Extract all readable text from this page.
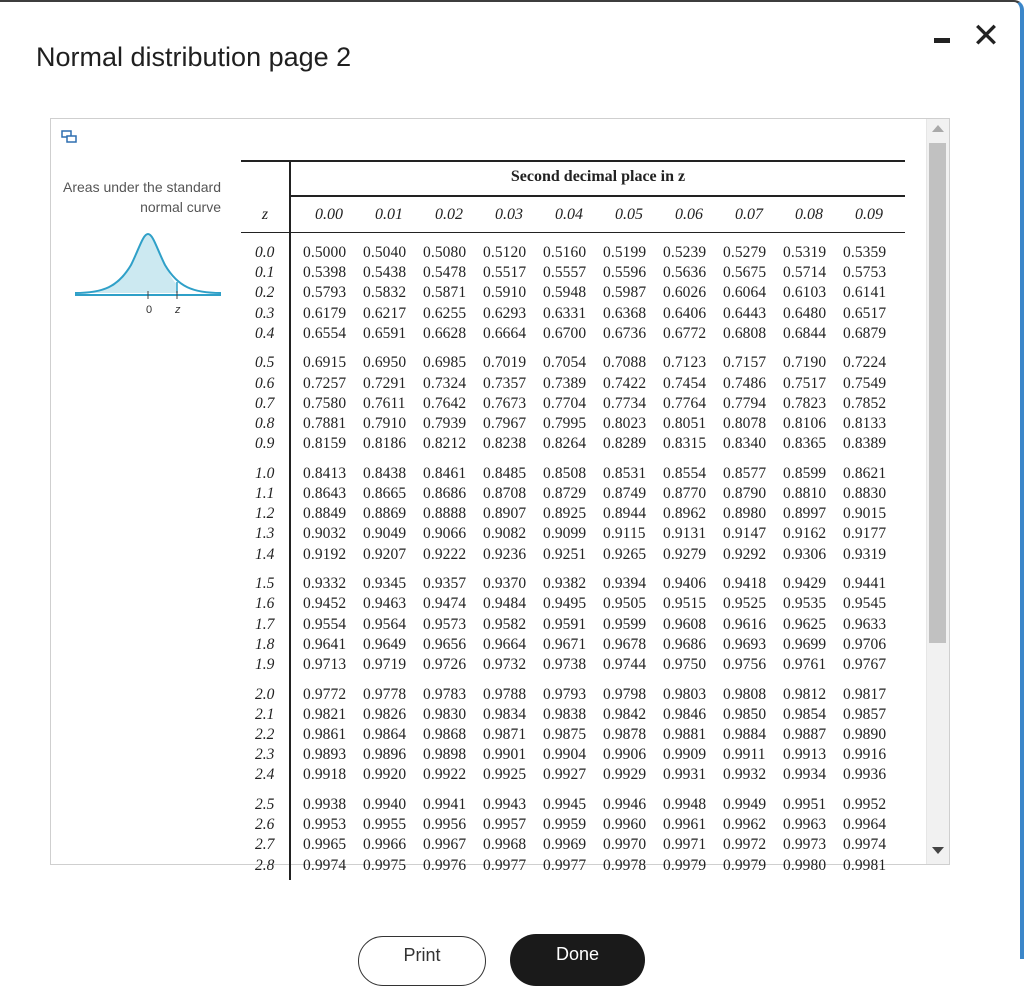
Normal distribution page 2
✕
Areas under the standard normal curve
0 z
Second decimal place in z
z	0.00	0.01	0.02	0.03	0.04	0.05	0.06	0.07	0.08	0.09
0.0	0.5000	0.5040	0.5080	0.5120	0.5160	0.5199	0.5239	0.5279	0.5319	0.5359
0.1	0.5398	0.5438	0.5478	0.5517	0.5557	0.5596	0.5636	0.5675	0.5714	0.5753
0.2	0.5793	0.5832	0.5871	0.5910	0.5948	0.5987	0.6026	0.6064	0.6103	0.6141
0.3	0.6179	0.6217	0.6255	0.6293	0.6331	0.6368	0.6406	0.6443	0.6480	0.6517
0.4	0.6554	0.6591	0.6628	0.6664	0.6700	0.6736	0.6772	0.6808	0.6844	0.6879
0.5	0.6915	0.6950	0.6985	0.7019	0.7054	0.7088	0.7123	0.7157	0.7190	0.7224
0.6	0.7257	0.7291	0.7324	0.7357	0.7389	0.7422	0.7454	0.7486	0.7517	0.7549
0.7	0.7580	0.7611	0.7642	0.7673	0.7704	0.7734	0.7764	0.7794	0.7823	0.7852
0.8	0.7881	0.7910	0.7939	0.7967	0.7995	0.8023	0.8051	0.8078	0.8106	0.8133
0.9	0.8159	0.8186	0.8212	0.8238	0.8264	0.8289	0.8315	0.8340	0.8365	0.8389
1.0	0.8413	0.8438	0.8461	0.8485	0.8508	0.8531	0.8554	0.8577	0.8599	0.8621
1.1	0.8643	0.8665	0.8686	0.8708	0.8729	0.8749	0.8770	0.8790	0.8810	0.8830
1.2	0.8849	0.8869	0.8888	0.8907	0.8925	0.8944	0.8962	0.8980	0.8997	0.9015
1.3	0.9032	0.9049	0.9066	0.9082	0.9099	0.9115	0.9131	0.9147	0.9162	0.9177
1.4	0.9192	0.9207	0.9222	0.9236	0.9251	0.9265	0.9279	0.9292	0.9306	0.9319
1.5	0.9332	0.9345	0.9357	0.9370	0.9382	0.9394	0.9406	0.9418	0.9429	0.9441
1.6	0.9452	0.9463	0.9474	0.9484	0.9495	0.9505	0.9515	0.9525	0.9535	0.9545
1.7	0.9554	0.9564	0.9573	0.9582	0.9591	0.9599	0.9608	0.9616	0.9625	0.9633
1.8	0.9641	0.9649	0.9656	0.9664	0.9671	0.9678	0.9686	0.9693	0.9699	0.9706
1.9	0.9713	0.9719	0.9726	0.9732	0.9738	0.9744	0.9750	0.9756	0.9761	0.9767
2.0	0.9772	0.9778	0.9783	0.9788	0.9793	0.9798	0.9803	0.9808	0.9812	0.9817
2.1	0.9821	0.9826	0.9830	0.9834	0.9838	0.9842	0.9846	0.9850	0.9854	0.9857
2.2	0.9861	0.9864	0.9868	0.9871	0.9875	0.9878	0.9881	0.9884	0.9887	0.9890
2.3	0.9893	0.9896	0.9898	0.9901	0.9904	0.9906	0.9909	0.9911	0.9913	0.9916
2.4	0.9918	0.9920	0.9922	0.9925	0.9927	0.9929	0.9931	0.9932	0.9934	0.9936
2.5	0.9938	0.9940	0.9941	0.9943	0.9945	0.9946	0.9948	0.9949	0.9951	0.9952
2.6	0.9953	0.9955	0.9956	0.9957	0.9959	0.9960	0.9961	0.9962	0.9963	0.9964
2.7	0.9965	0.9966	0.9967	0.9968	0.9969	0.9970	0.9971	0.9972	0.9973	0.9974
2.8	0.9974	0.9975	0.9976	0.9977	0.9977	0.9978	0.9979	0.9979	0.9980	0.9981
Print	Done
